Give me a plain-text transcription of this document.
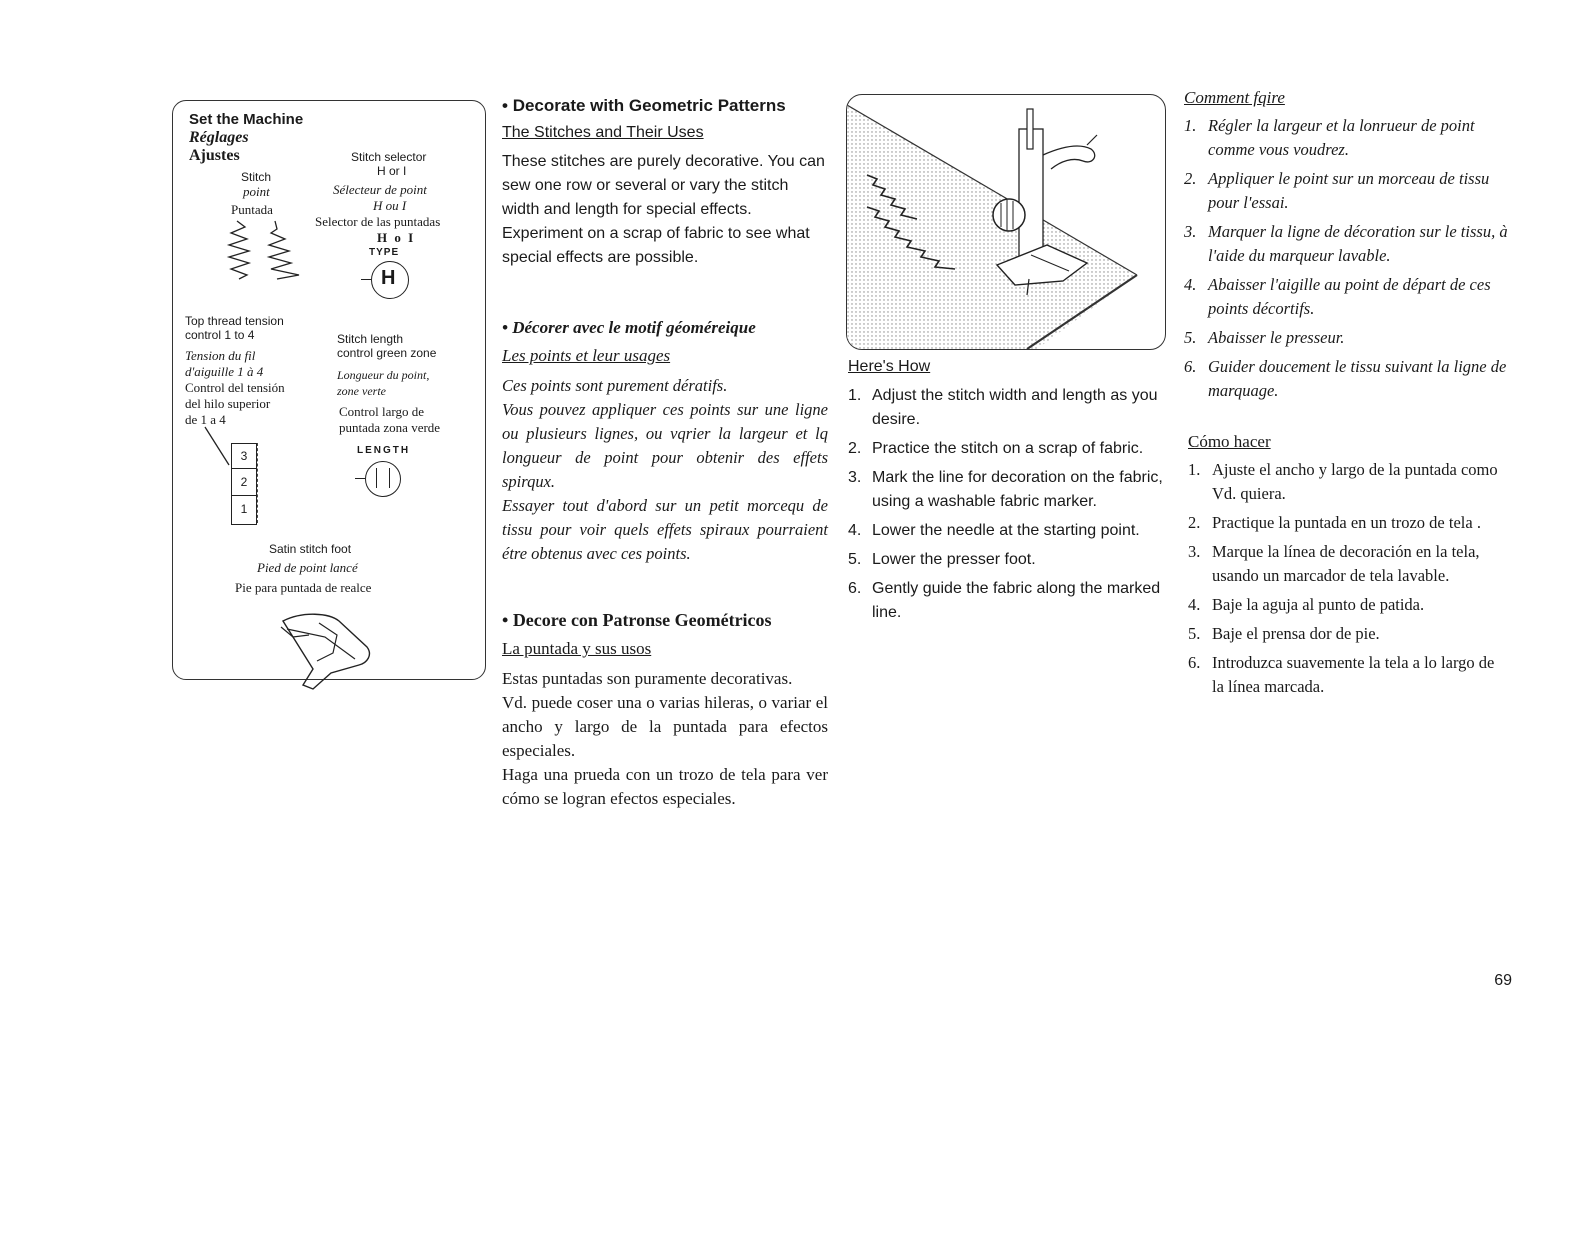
Set the Machine
Réglages
Ajustes
Stitch
point
Puntada
Stitch selector
H or I
Sélecteur de point
H ou I
Selector de las puntadas
H o I
TYPE
H
Top thread tension
control 1 to 4
Tension du fil
d'aiguille 1 à 4
Control del tensión
del hilo superior
de 1 a 4
3
2
1
Stitch length
control green zone
Longueur du point,
zone verte
Control largo de
puntada zona verde
LENGTH
Satin stitch foot
Pied de point lancé
Pie para puntada de realce
• Decorate with Geometric Patterns
The Stitches and Their Uses

These stitches are purely decorative. You can sew one row or several or vary the stitch width and length for special effects.

Experiment on a scrap of fabric to see what special effects are possible.

• Décorer avec le motif géoméreique
Les points et leur usages

Ces points sont purement dératifs.

Vous pouvez appliquer ces points sur une ligne ou plusieurs lignes, ou vqrier la largeur et lq longueur de point pour obtenir des effets spirqux.

Essayer tout d'abord sur un petit morcequ de tissu pour voir quels effets spiraux pourraient étre obtenus avec ces points.

• Decore con Patronse Geométricos
La puntada y sus usos

Estas puntadas son puramente decorativas.

Vd. puede coser una o varias hileras, o variar el ancho y largo de la puntada para efectos especiales.

Haga una prueda con un trozo de tela para ver cómo se logran efectos especiales.

Here's How
1. Adjust the stitch width and length as you desire.
2. Practice the stitch on a scrap of fabric.
3. Mark the line for decoration on the fabric, using a washable fabric marker.
4. Lower the needle at the starting point.
5. Lower the presser foot.
6. Gently guide the fabric along the marked line.
Comment fqire
1. Régler la largeur et la lonrueur de point comme vous voudrez.
2. Appliquer le point sur un morceau de tissu pour l'essai.
3. Marquer la ligne de décoration sur le tissu, à l'aide du marqueur lavable.
4. Abaisser l'aigille au point de départ de ces points décortifs.
5. Abaisser le presseur.
6. Guider doucement le tissu suivant la ligne de marquage.
Cómo hacer
1. Ajuste el ancho y largo de la puntada como Vd. quiera.
2. Practique la puntada en un trozo de tela .
3. Marque la línea de decoración en la tela, usando un marcador de tela lavable.
4. Baje la aguja al punto de patida.
5. Baje el prensa dor de pie.
6. Introduzca suavemente la tela a lo largo de la línea marcada.
69
